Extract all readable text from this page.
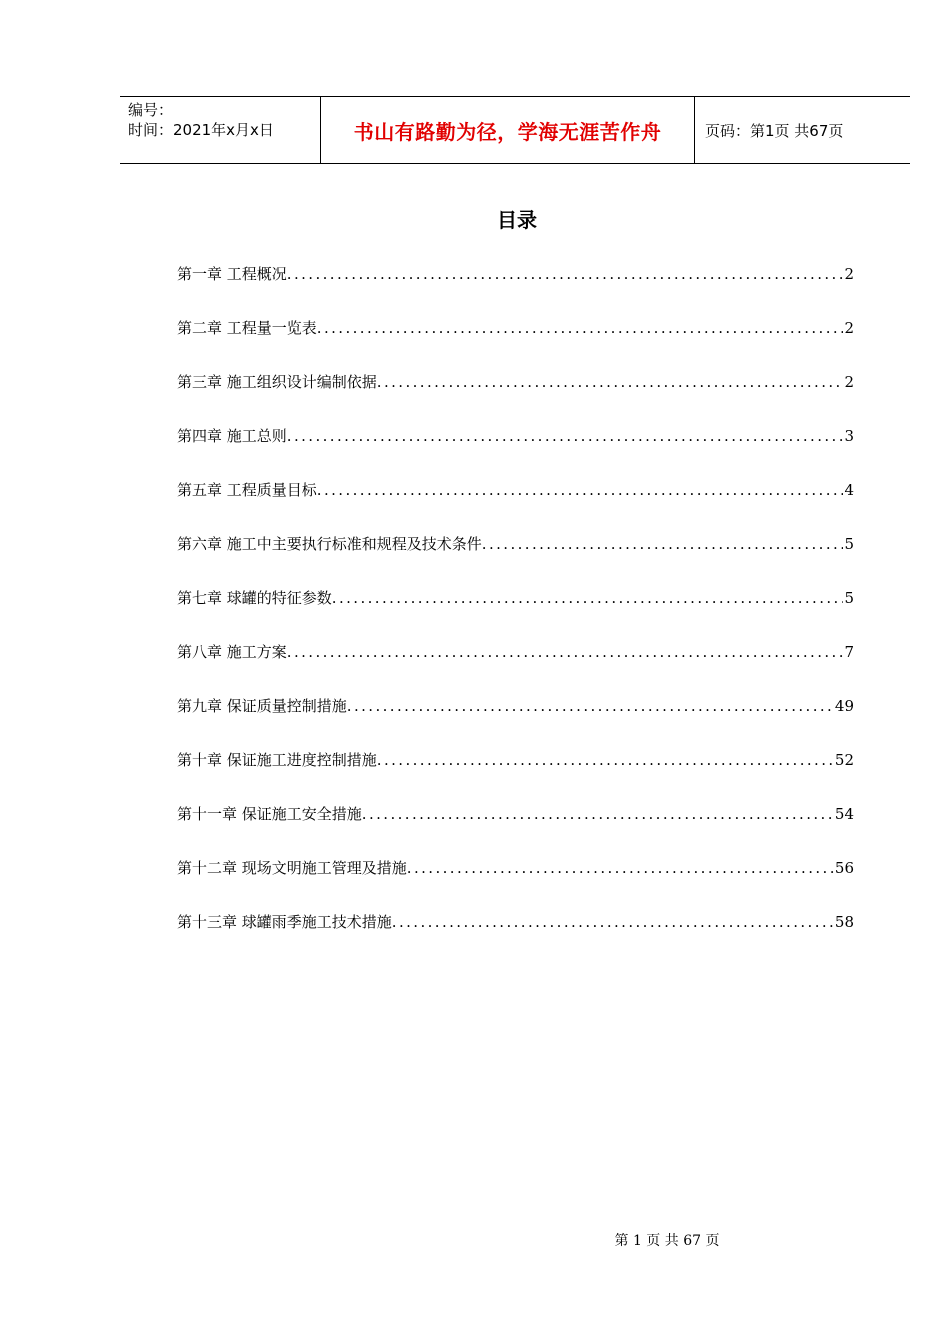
编号：
时间：2021年x月x日	书山有路勤为径，学海无涯苦作舟	页码：第1页 共67页
目录
第一章 工程概况 .....	2
第二章 工程量一览表 .....	2
第三章 施工组织设计编制依据 .....	2
第四章 施工总则 .....	3
第五章 工程质量目标 .....	4
第六章 施工中主要执行标准和规程及技术条件 .....	5
第七章 球罐的特征参数 .....	5
第八章 施工方案 .....	7
第九章 保证质量控制措施 .....	49
第十章 保证施工进度控制措施 .....	52
第十一章 保证施工安全措施 .....	54
第十二章 现场文明施工管理及措施 .....	56
第十三章 球罐雨季施工技术措施 .....	58
第 1 页 共 67 页
